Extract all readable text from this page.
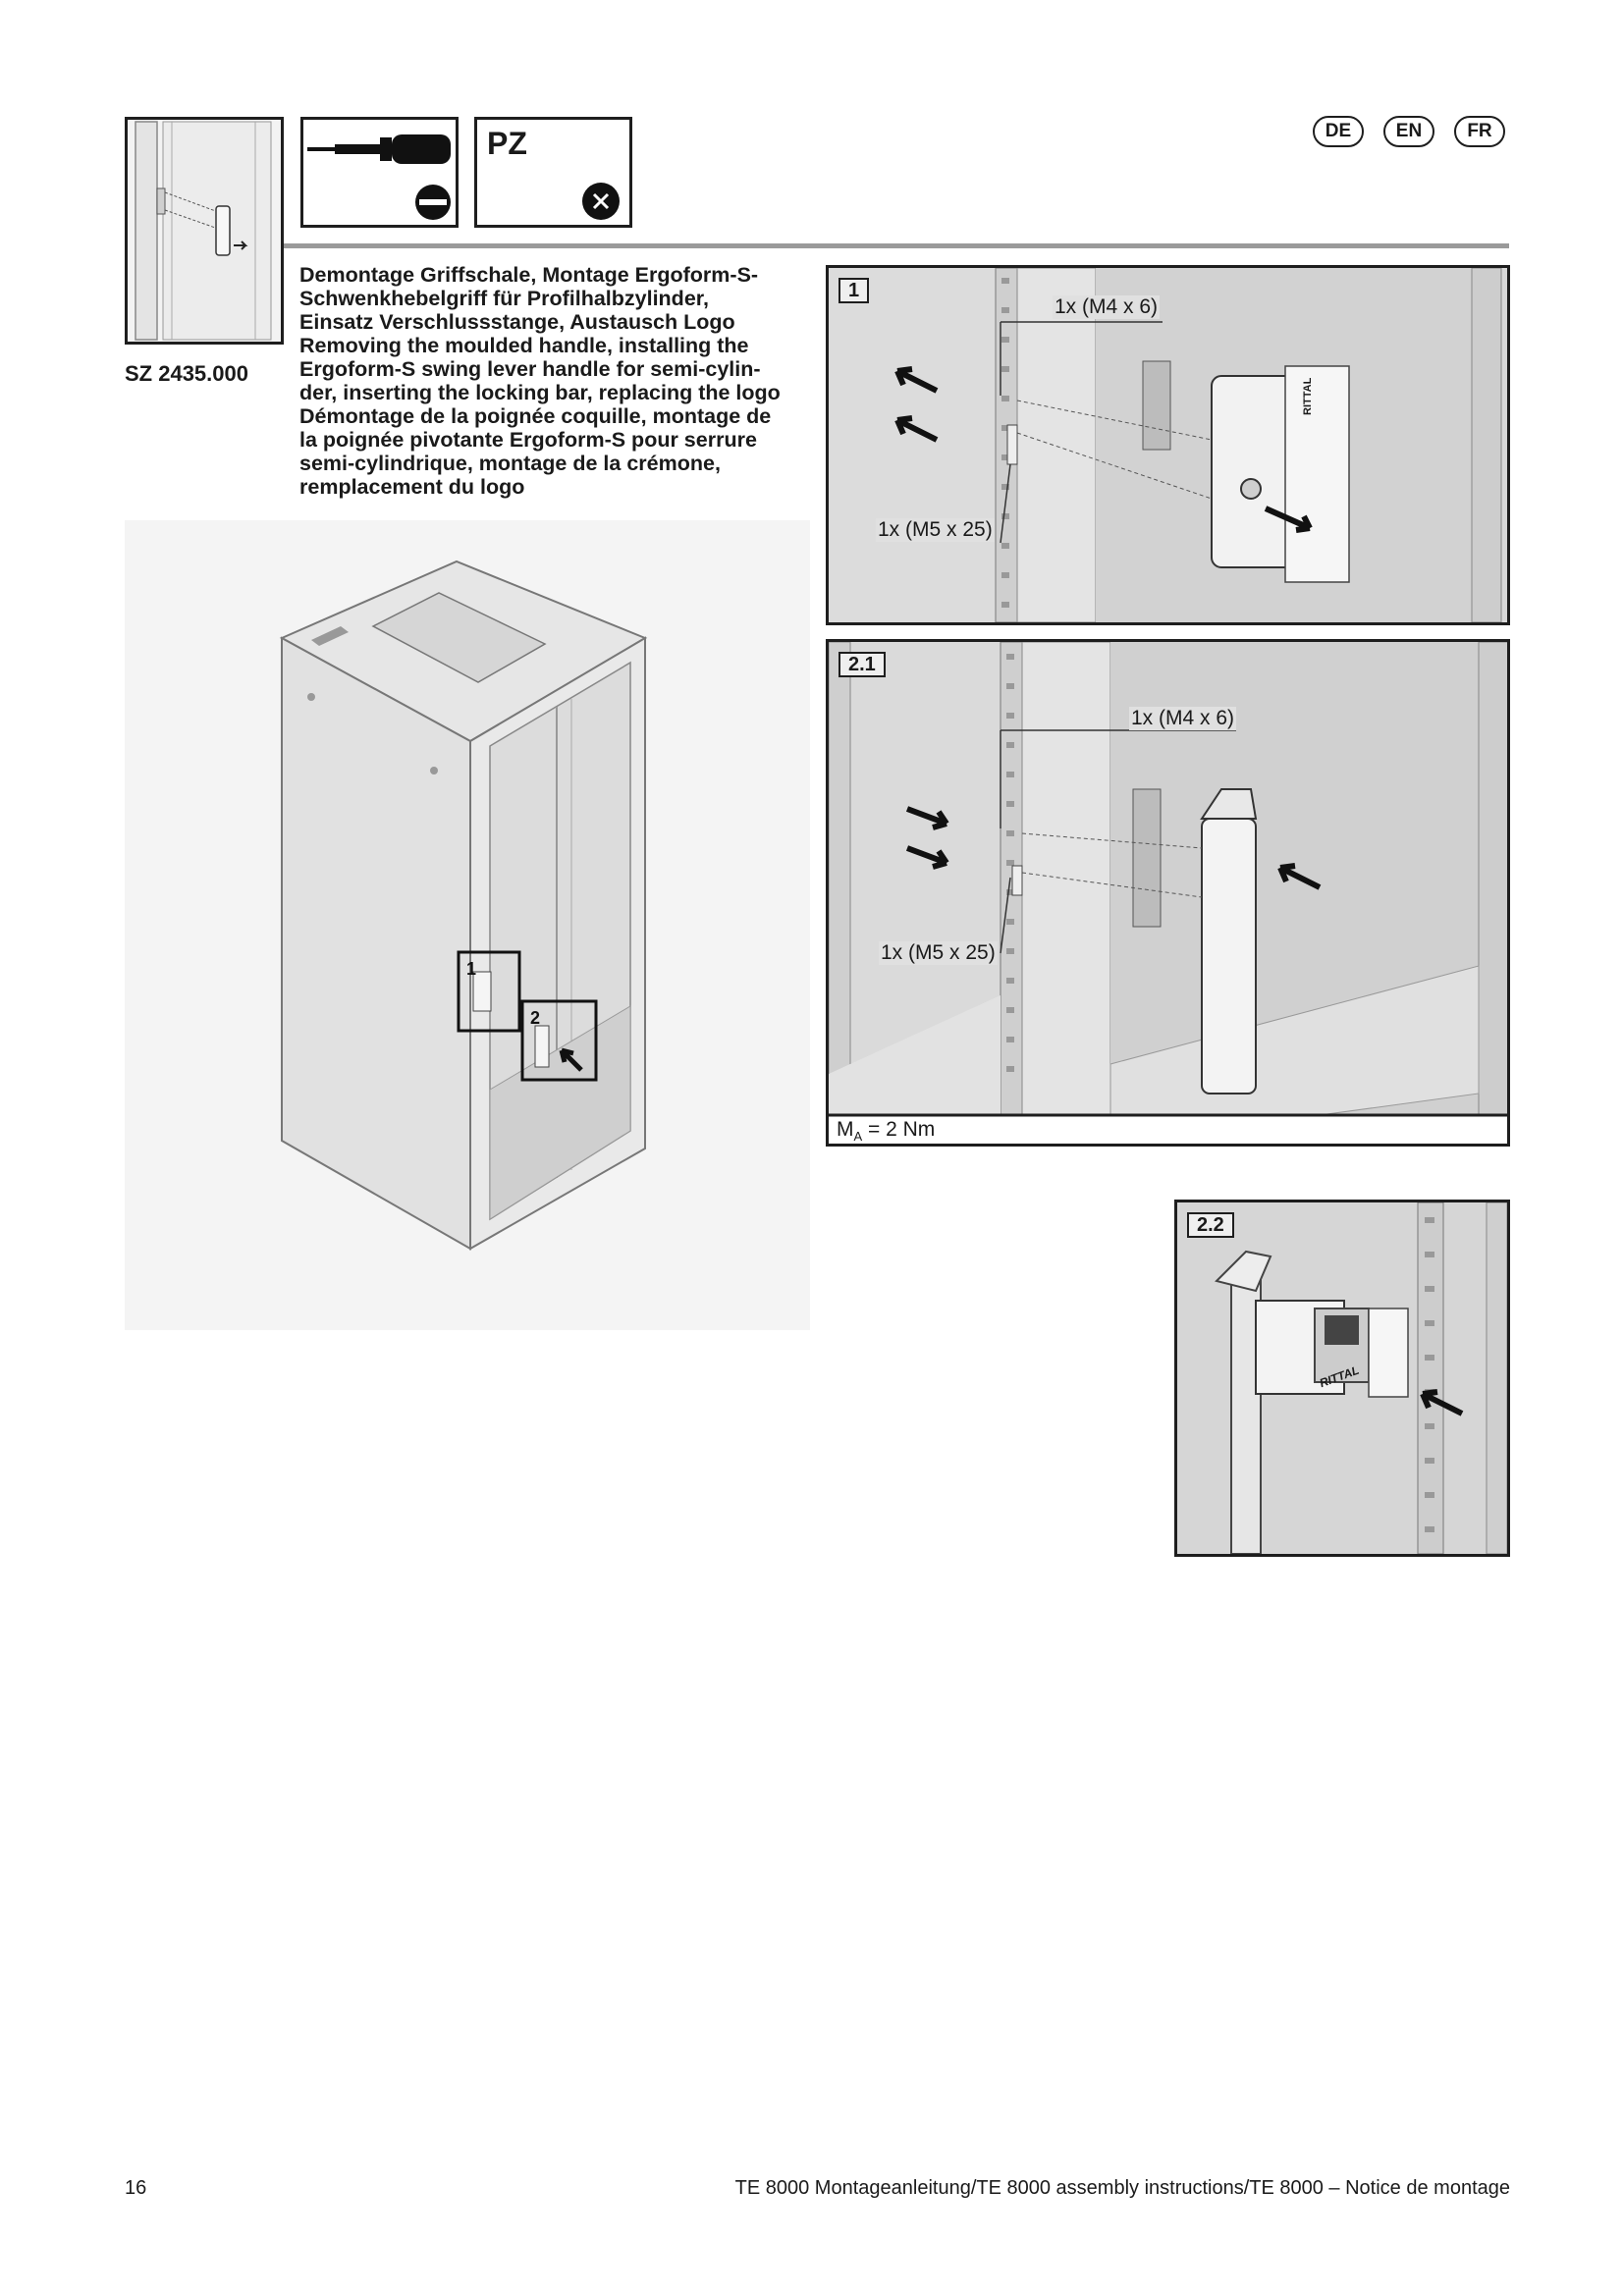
SZ 2435.000
PZ	DE	EN	FR
Demontage Griffschale, Montage Ergoform-S-
Schwenkhebelgriff für Profilhalbzylinder,
Einsatz Verschlussstange, Austausch Logo
Removing the moulded handle, installing the
Ergoform-S swing lever handle for semi-cylin-
der, inserting the locking bar, replacing the logo
Démontage de la poignée coquille, montage de
la poignée pivotante Ergoform-S pour serrure
semi-cylindrique, montage de la crémone,
remplacement du logo
1
2
1
1x (M4 x 6)
1x (M5 x 25)
RITTAL
2.1
1x (M4 x 6)
1x (M5 x 25)
$M_A = 2$ Nm
2.2
RITTAL
16	TE 8000 Montageanleitung/TE 8000 assembly instructions/TE 8000 – Notice de montage
